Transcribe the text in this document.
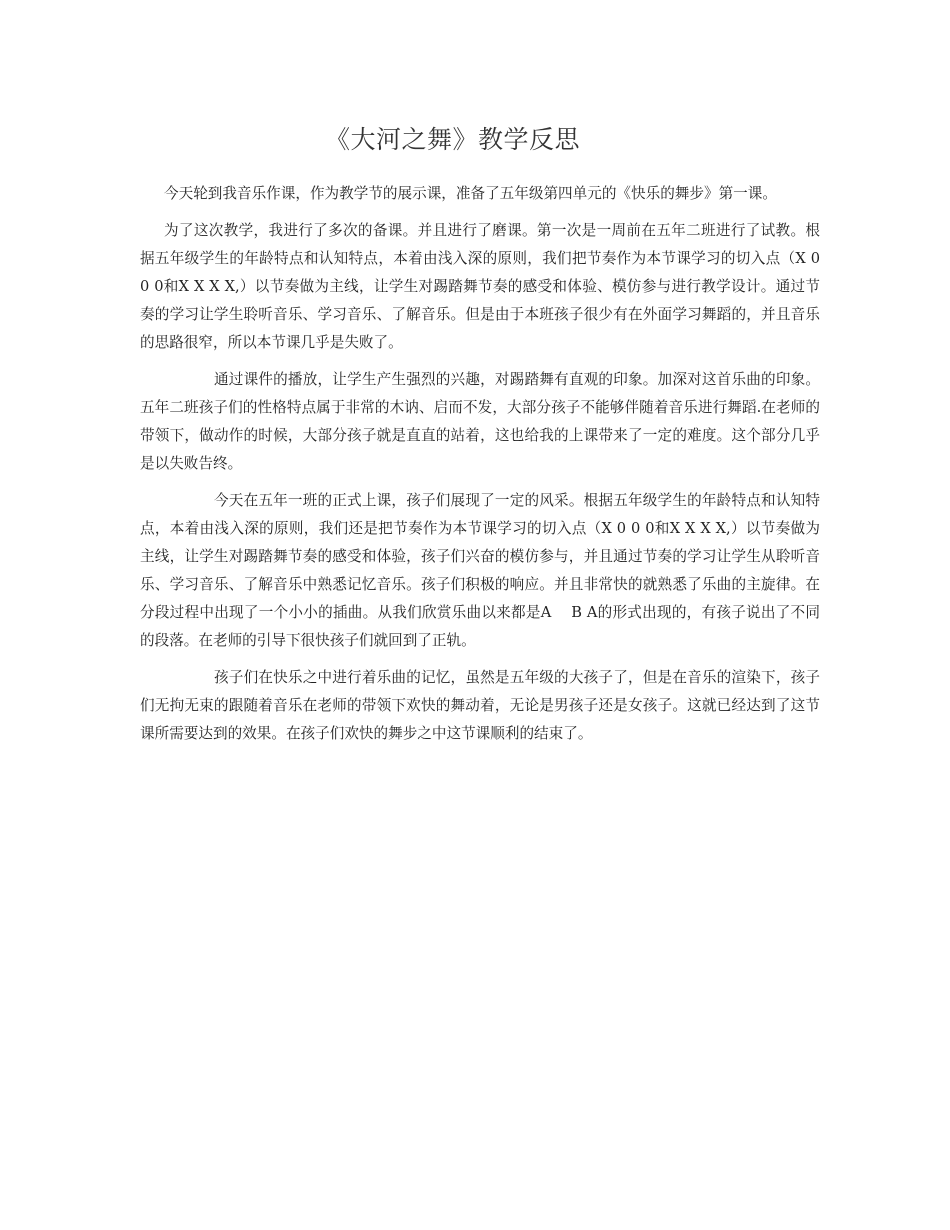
《大河之舞》教学反思

今天轮到我音乐作课，作为教学节的展示课，准备了五年级第四单元的《快乐的舞步》第一课。

为了这次教学，我进行了多次的备课。并且进行了磨课。第一次是一周前在五年二班进行了试教。根据五年级学生的年龄特点和认知特点，本着由浅入深的原则，我们把节奏作为本节课学习的切入点（X 0 0 0和X X X X,）以节奏做为主线，让学生对踢踏舞节奏的感受和体验、模仿参与进行教学设计。通过节奏的学习让学生聆听音乐、学习音乐、了解音乐。但是由于本班孩子很少有在外面学习舞蹈的，并且音乐的思路很窄，所以本节课几乎是失败了。

通过课件的播放，让学生产生强烈的兴趣，对踢踏舞有直观的印象。加深对这首乐曲的印象。五年二班孩子们的性格特点属于非常的木讷、启而不发，大部分孩子不能够伴随着音乐进行舞蹈.在老师的带领下，做动作的时候，大部分孩子就是直直的站着，这也给我的上课带来了一定的难度。这个部分几乎是以失败告终。

今天在五年一班的正式上课，孩子们展现了一定的风采。根据五年级学生的年龄特点和认知特点，本着由浅入深的原则，我们还是把节奏作为本节课学习的切入点（X 0 0 0和X X X X,）以节奏做为主线，让学生对踢踏舞节奏的感受和体验，孩子们兴奋的模仿参与，并且通过节奏的学习让学生从聆听音乐、学习音乐、了解音乐中熟悉记忆音乐。孩子们积极的响应。并且非常快的就熟悉了乐曲的主旋律。在分段过程中出现了一个小小的插曲。从我们欣赏乐曲以来都是A　 B A的形式出现的，有孩子说出了不同的段落。在老师的引导下很快孩子们就回到了正轨。

孩子们在快乐之中进行着乐曲的记忆，虽然是五年级的大孩子了，但是在音乐的渲染下，孩子们无拘无束的跟随着音乐在老师的带领下欢快的舞动着，无论是男孩子还是女孩子。这就已经达到了这节课所需要达到的效果。在孩子们欢快的舞步之中这节课顺利的结束了。
